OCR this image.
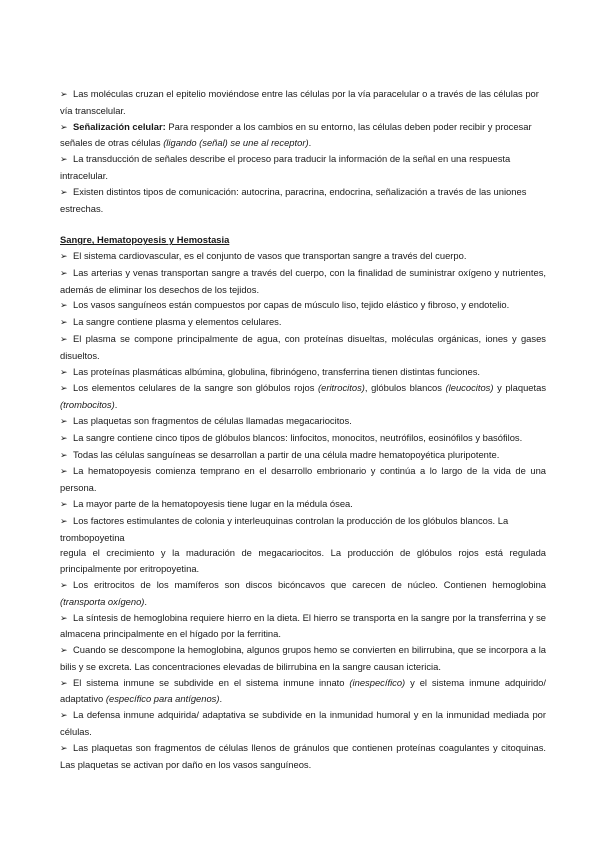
➢ Las moléculas cruzan el epitelio moviéndose entre las células por la vía paracelular o a través de las células por vía transcelular.

➢ Señalización celular: Para responder a los cambios en su entorno, las células deben poder recibir y procesar señales de otras células (ligando (señal) se une al receptor).

➢ La transducción de señales describe el proceso para traducir la información de la señal en una respuesta intracelular.

➢ Existen distintos tipos de comunicación: autocrina, paracrina, endocrina, señalización a través de las uniones estrechas.

Sangre, Hematopoyesis y Hemostasia

➢ El sistema cardiovascular, es el conjunto de vasos que transportan sangre a través del cuerpo.

➢ Las arterias y venas transportan sangre a través del cuerpo, con la finalidad de suministrar oxígeno y nutrientes, además de eliminar los desechos de los tejidos.

➢ Los vasos sanguíneos están compuestos por capas de músculo liso, tejido elástico y fibroso, y endotelio.

➢ La sangre contiene plasma y elementos celulares.

➢ El plasma se compone principalmente de agua, con proteínas disueltas, moléculas orgánicas, iones y gases disueltos.

➢ Las proteínas plasmáticas albúmina, globulina, fibrinógeno, transferrina tienen distintas funciones.

➢ Los elementos celulares de la sangre son glóbulos rojos (eritrocitos), glóbulos blancos (leucocitos) y plaquetas (trombocitos).

➢ Las plaquetas son fragmentos de células llamadas megacariocitos.

➢ La sangre contiene cinco tipos de glóbulos blancos: linfocitos, monocitos, neutrófilos, eosinófilos y basófilos.

➢ Todas las células sanguíneas se desarrollan a partir de una célula madre hematopoyética pluripotente.

➢ La hematopoyesis comienza temprano en el desarrollo embrionario y continúa a lo largo de la vida de una persona.

➢ La mayor parte de la hematopoyesis tiene lugar en la médula ósea.

➢ Los factores estimulantes de colonia y interleuquinas controlan la producción de los glóbulos blancos. La trombopoyetina

regula el crecimiento y la maduración de megacariocitos. La producción de glóbulos rojos está regulada principalmente por eritropoyetina.

➢ Los eritrocitos de los mamíferos son discos bicóncavos que carecen de núcleo. Contienen hemoglobina (transporta oxígeno).

➢ La síntesis de hemoglobina requiere hierro en la dieta. El hierro se transporta en la sangre por la transferrina y se almacena principalmente en el hígado por la ferritina.

➢ Cuando se descompone la hemoglobina, algunos grupos hemo se convierten en bilirrubina, que se incorpora a la bilis y se excreta. Las concentraciones elevadas de bilirrubina en la sangre causan ictericia.

➢ El sistema inmune se subdivide en el sistema inmune innato (inespecífico) y el sistema inmune adquirido/ adaptativo (específico para antígenos).

➢ La defensa inmune adquirida/ adaptativa se subdivide en la inmunidad humoral y en la inmunidad mediada por células.

➢ Las plaquetas son fragmentos de células llenos de gránulos que contienen proteínas coagulantes y citoquinas. Las plaquetas se activan por daño en los vasos sanguíneos.
